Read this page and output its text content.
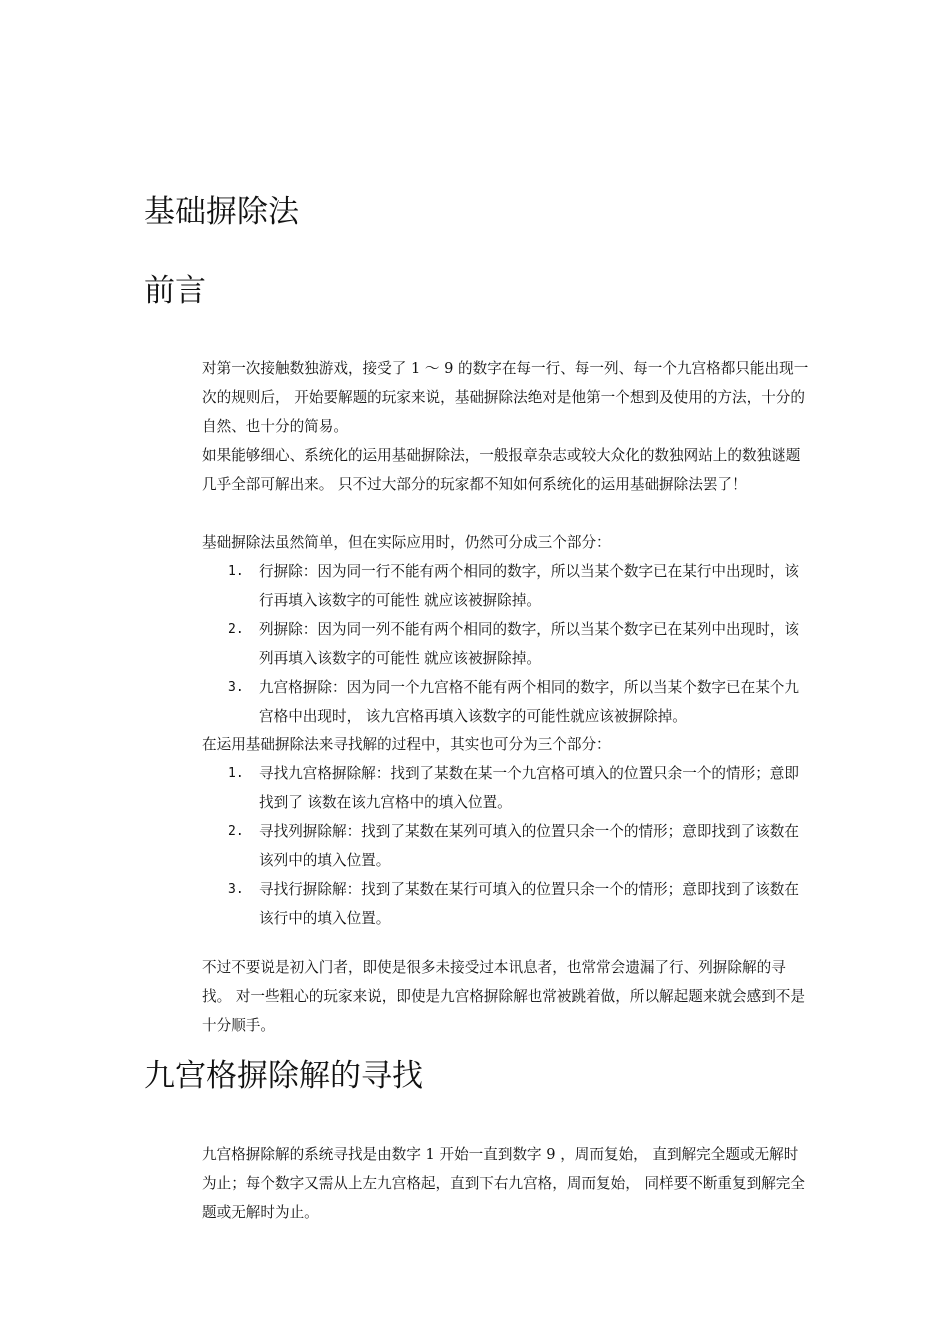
基础摒除法
前言

对第一次接触数独游戏，接受了 1 ～ 9 的数字在每一行、每一列、每一个九宫格都只能出现一次的规则后， 开始要解题的玩家来说，基础摒除法绝对是他第一个想到及使用的方法，十分的自然、也十分的简易。

如果能够细心、系统化的运用基础摒除法，一般报章杂志或较大众化的数独网站上的数独谜题几乎全部可解出来。 只不过大部分的玩家都不知如何系统化的运用基础摒除法罢了！

基础摒除法虽然简单，但在实际应用时，仍然可分成三个部分：

1. 行摒除：因为同一行不能有两个相同的数字，所以当某个数字已在某行中出现时，该行再填入该数字的可能性 就应该被摒除掉。
2. 列摒除：因为同一列不能有两个相同的数字，所以当某个数字已在某列中出现时，该列再填入该数字的可能性 就应该被摒除掉。
3. 九宫格摒除：因为同一个九宫格不能有两个相同的数字，所以当某个数字已在某个九宫格中出现时， 该九宫格再填入该数字的可能性就应该被摒除掉。

在运用基础摒除法来寻找解的过程中，其实也可分为三个部分：

1. 寻找九宫格摒除解：找到了某数在某一个九宫格可填入的位置只余一个的情形；意即找到了 该数在该九宫格中的填入位置。
2. 寻找列摒除解：找到了某数在某列可填入的位置只余一个的情形；意即找到了该数在该列中的填入位置。
3. 寻找行摒除解：找到了某数在某行可填入的位置只余一个的情形；意即找到了该数在该行中的填入位置。

不过不要说是初入门者，即使是很多未接受过本讯息者，也常常会遗漏了行、列摒除解的寻找。 对一些粗心的玩家来说，即使是九宫格摒除解也常被跳着做，所以解起题来就会感到不是十分顺手。

九宫格摒除解的寻找

九宫格摒除解的系统寻找是由数字 1 开始一直到数字 9 ，周而复始， 直到解完全题或无解时为止；每个数字又需从上左九宫格起，直到下右九宫格，周而复始， 同样要不断重复到解完全题或无解时为止。
